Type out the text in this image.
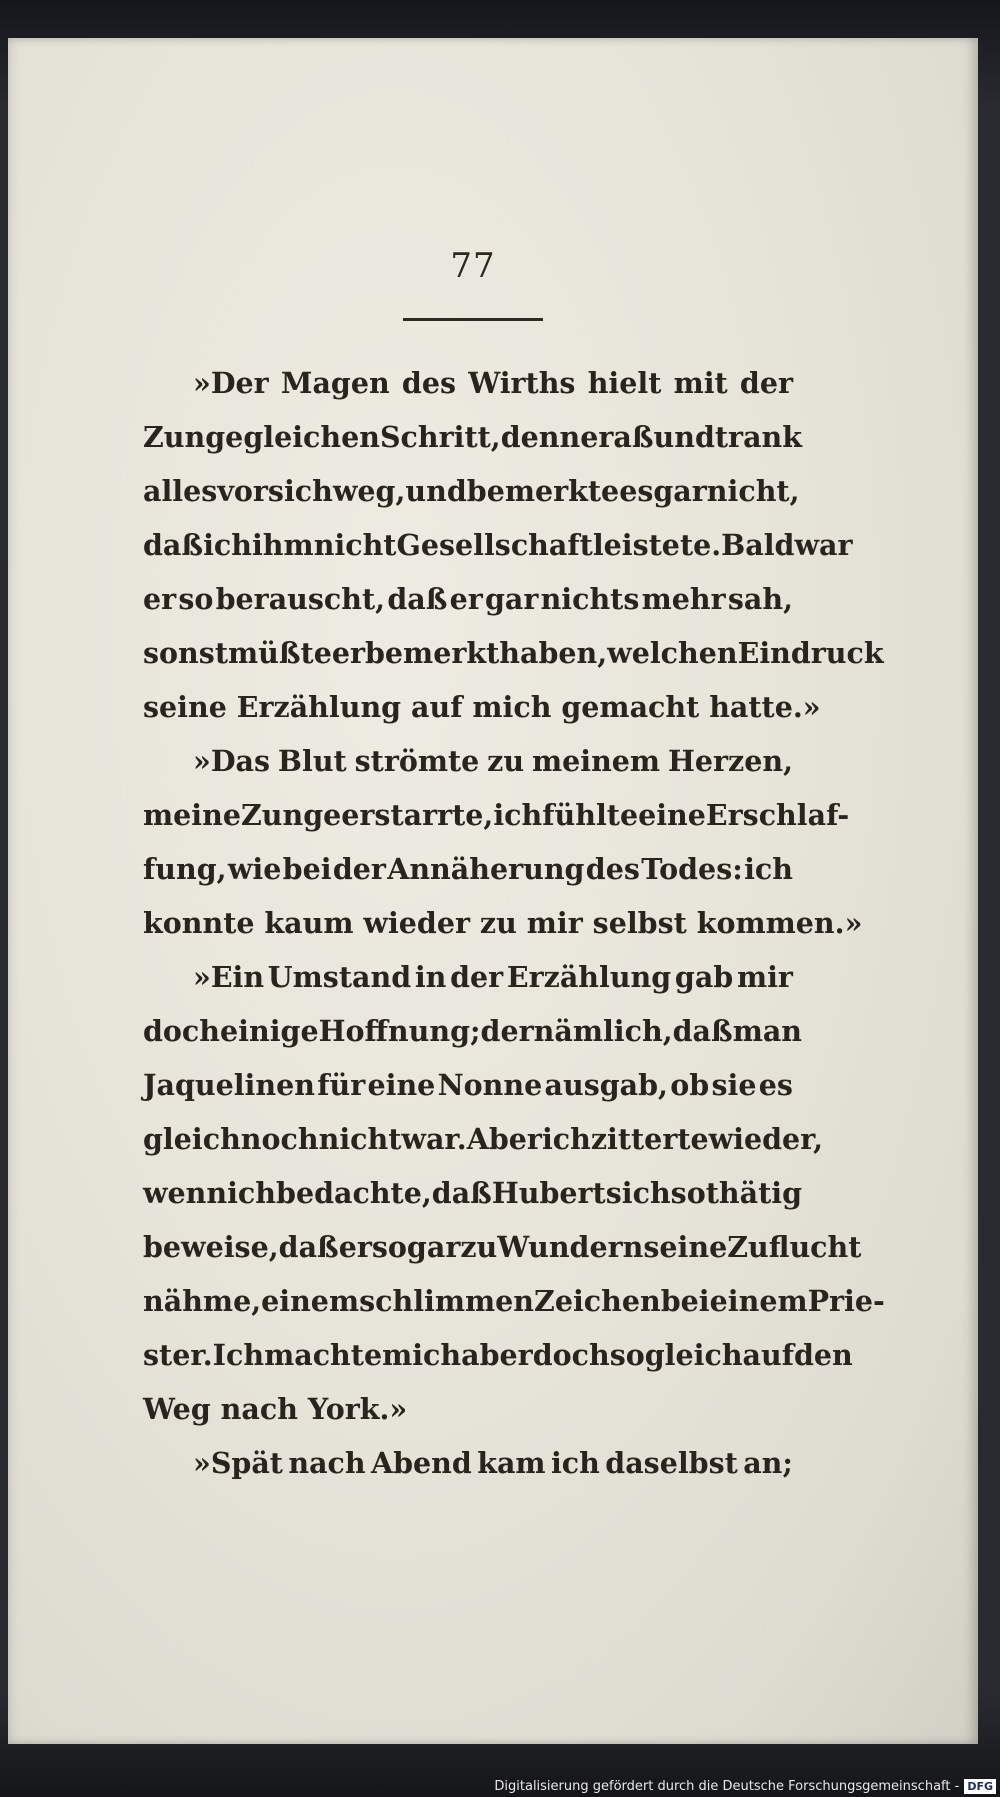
77
»Der Magen des Wirths hielt mit der
Zunge gleichen Schritt, denn er aß und trank
alles vor sich weg, und bemerkte es gar nicht,
daß ich ihm nicht Gesellschaft leistete. Bald war
er so berauscht, daß er gar nichts mehr sah,
sonst müßte er bemerkt haben, welchen Eindruck
seine Erzählung auf mich gemacht hatte.»
»Das Blut strömte zu meinem Herzen,
meine Zunge erstarrte, ich fühlte eine Erschlaf-
fung, wie bei der Annäherung des Todes: ich
konnte kaum wieder zu mir selbst kommen.»
»Ein Umstand in der Erzählung gab mir
doch einige Hoffnung; der nämlich, daß man
Jaquelinen für eine Nonne ausgab, ob sie es
gleich noch nicht war. Aber ich zitterte wieder,
wenn ich bedachte, daß Hubert sich so thätig
beweise, daß er sogar zu Wundern seine Zuflucht
nähme, einem schlimmen Zeichen bei einem Prie-
ster. Ich machte mich aber doch sogleich auf den
Weg nach York.»
»Spät nach Abend kam ich daselbst an;
Digitalisierung gefördert durch die Deutsche Forschungsgemeinschaft - DFG
